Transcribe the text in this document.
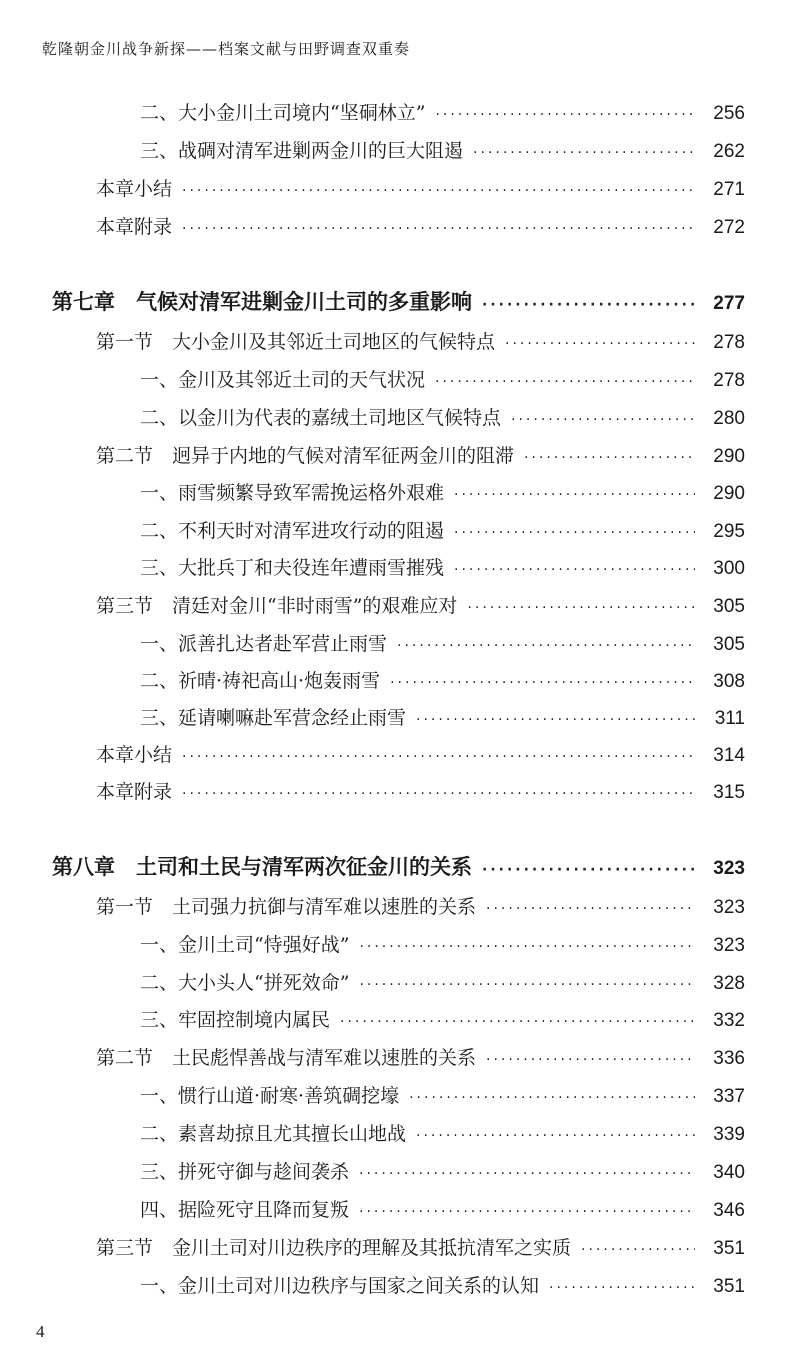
乾隆朝金川战争新探——档案文献与田野调查双重奏
二、大小金川土司境内“坚硐林立” ·····	256
三、战碉对清军进剿两金川的巨大阻遏 ·····	262
本章小结 ·····	271
本章附录 ·····	272
第七章　气候对清军进剿金川土司的多重影响 ·····	277
第一节　大小金川及其邻近土司地区的气候特点 ·····	278
一、金川及其邻近土司的天气状况 ·····	278
二、以金川为代表的嘉绒土司地区气候特点 ·····	280
第二节　迥异于内地的气候对清军征两金川的阻滞 ·····	290
一、雨雪频繁导致军需挽运格外艰难 ·····	290
二、不利天时对清军进攻行动的阻遏 ·····	295
三、大批兵丁和夫役连年遭雨雪摧残 ·····	300
第三节　清廷对金川“非时雨雪”的艰难应对 ·····	305
一、派善扎达者赴军营止雨雪 ·····	305
二、祈晴·祷祀高山·炮轰雨雪 ·····	308
三、延请喇嘛赴军营念经止雨雪 ·····	311
本章小结 ·····	314
本章附录 ·····	315
第八章　土司和土民与清军两次征金川的关系 ·····	323
第一节　土司强力抗御与清军难以速胜的关系 ·····	323
一、金川土司“恃强好战” ·····	323
二、大小头人“拼死效命” ·····	328
三、牢固控制境内属民 ·····	332
第二节　土民彪悍善战与清军难以速胜的关系 ·····	336
一、惯行山道·耐寒·善筑碉挖壕 ·····	337
二、素喜劫掠且尤其擅长山地战 ·····	339
三、拼死守御与趁间袭杀 ·····	340
四、据险死守且降而复叛 ·····	346
第三节　金川土司对川边秩序的理解及其抵抗清军之实质 ·····	351
一、金川土司对川边秩序与国家之间关系的认知 ·····	351
4
